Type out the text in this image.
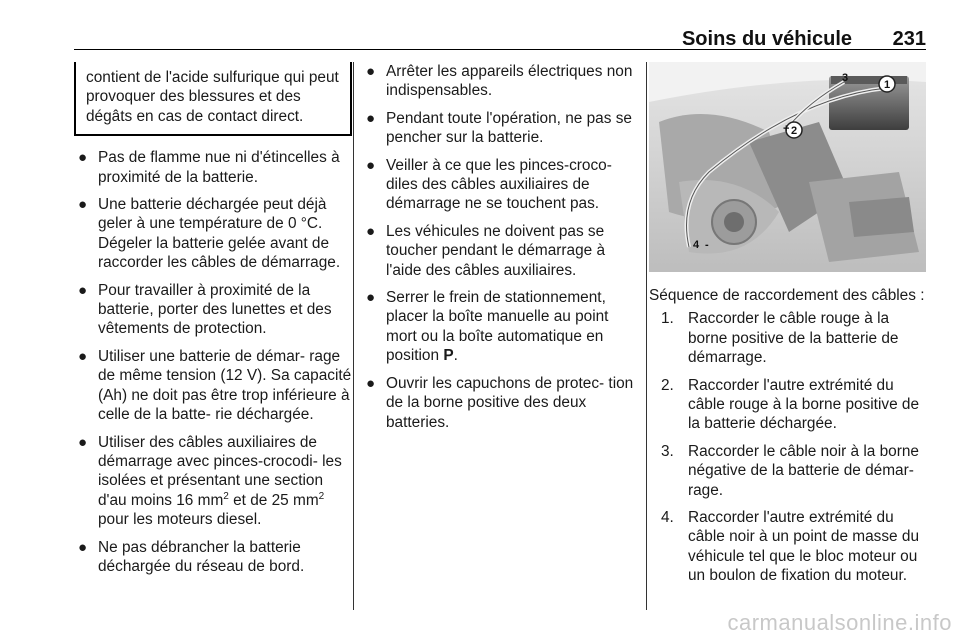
Soins du véhicule 231
contient de l'acide sulfurique qui peut provoquer des blessures et des dégâts en cas de contact direct.
● Pas de flamme nue ni d'étincelles à proximité de la batterie.
● Une batterie déchargée peut déjà geler à une température de 0 °C. Dégeler la batterie gelée avant de raccorder les câbles de démarrage.
● Pour travailler à proximité de la batterie, porter des lunettes et des vêtements de protection.
● Utiliser une batterie de démar‐ rage de même tension (12 V). Sa capacité (Ah) ne doit pas être trop inférieure à celle de la batte‐ rie déchargée.
● Utiliser des câbles auxiliaires de démarrage avec pinces-crocodi‐ les isolées et présentant une section d'au moins 16 $mm^2$ et de 25 $mm^2$ pour les moteurs diesel.
● Ne pas débrancher la batterie déchargée du réseau de bord.
● Arrêter les appareils électriques non indispensables.
● Pendant toute l'opération, ne pas se pencher sur la batterie.
● Veiller à ce que les pinces-croco‐ diles des câbles auxiliaires de démarrage ne se touchent pas.
● Les véhicules ne doivent pas se toucher pendant le démarrage à l'aide des câbles auxiliaires.
● Serrer le frein de stationnement, placer la boîte manuelle au point mort ou la boîte automatique en position P.
● Ouvrir les capuchons de protec‐ tion de la borne positive des deux batteries.
1
2
3
4
+
-
Séquence de raccordement des câbles :
1. Raccorder le câble rouge à la borne positive de la batterie de démarrage.
2. Raccorder l'autre extrémité du câble rouge à la borne positive de la batterie déchargée.
3. Raccorder le câble noir à la borne négative de la batterie de démar‐ rage.
4. Raccorder l'autre extrémité du câble noir à un point de masse du véhicule tel que le bloc moteur ou un boulon de fixation du moteur.
carmanualsonline.info
